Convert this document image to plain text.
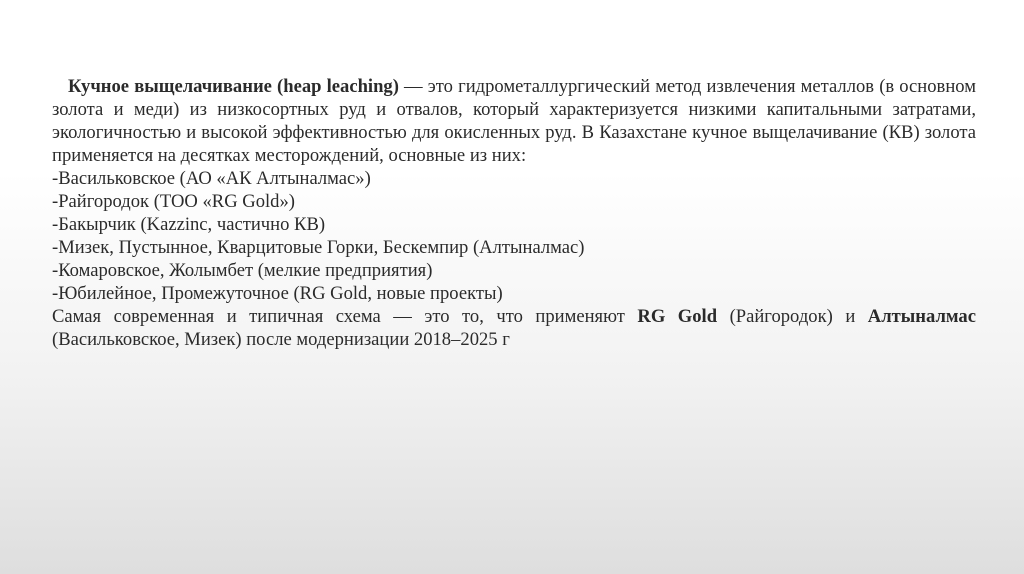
Кучное выщелачивание (heap leaching) — это гидрометаллургический метод извлечения металлов (в основном золота и меди) из низкосортных руд и отвалов, который характеризуется низкими капитальными затратами, экологичностью и высокой эффективностью для окисленных руд. В Казахстане кучное выщелачивание (КВ) золота применяется на десятках месторождений, основные из них:

-Васильковское (АО «АК Алтыналмас»)

-Райгородок (ТОО «RG Gold»)

-Бакырчик (Kazzinc, частично КВ)

-Мизек, Пустынное, Кварцитовые Горки, Бескемпир (Алтыналмас)

-Комаровское, Жолымбет (мелкие предприятия)

-Юбилейное, Промежуточное (RG Gold, новые проекты)

Самая современная и типичная схема — это то, что применяют RG Gold (Райгородок) и Алтыналмас (Васильковское, Мизек) после модернизации 2018–2025 г
